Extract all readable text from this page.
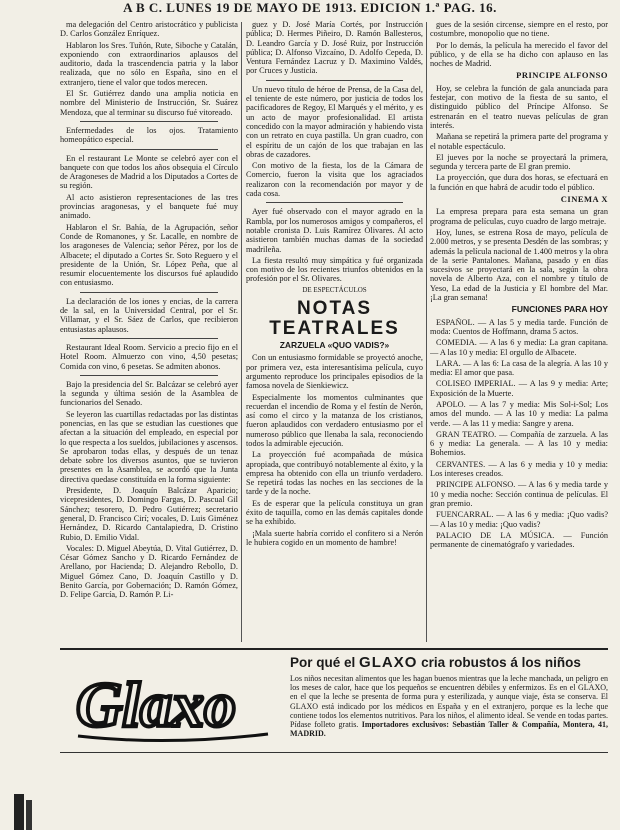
A B C. LUNES 19 DE MAYO DE 1913. EDICION 1.ª PAG. 16.

ma delegación del Centro aristocrático y publicista D. Carlos González Enríquez.

Hablaron los Sres. Tuñón, Rute, Siboche y Catalán, exponiendo con extraordinarios aplausos del auditorio, dada la trascendencia patria y la labor realizada, que no sólo en España, sino en el extranjero, tiene el valor que todos merecen.

El Sr. Gutiérrez dando una amplia noticia en nombre del Ministerio de Instrucción, Sr. Suárez Mendoza, que al terminar su discurso fué vitoreado.

Enfermedades de los ojos. Tratamiento homeopático especial.

En el restaurant Le Monte se celebró ayer con el banquete con que todos los años obsequia el Círculo de Aragoneses de Madrid a los Diputados a Cortes de su región.

Al acto asistieron representaciones de las tres provincias aragonesas, y el banquete fué muy animado.

Hablaron el Sr. Bahía, de la Agrupación, señor Conde de Romanones, y Sr. Lacalle, en nombre de los aragoneses de Valencia; señor Pérez, por los de Albacete; el diputado a Cortes Sr. Soto Reguero y el presidente de la Unión, Sr. López Peña, que al resumir elocuentemente los discursos fué aplaudido con entusiasmo.

La declaración de los iones y encias, de la carrera de la sal, en la Universidad Central, por el Sr. Villamar, y el Sr. Sáez de Carlos, que recibieron entusiastas aplausos.

Restaurant Ideal Room. Servicio a precio fijo en el Hotel Room. Almuerzo con vino, 4,50 pesetas; Comida con vino, 6 pesetas. Se admiten abonos.

Bajo la presidencia del Sr. Balcázar se celebró ayer la segunda y última sesión de la Asamblea de funcionarios del Senado.

Se leyeron las cuartillas redactadas por las distintas ponencias, en las que se estudian las cuestiones que afectan a la situación del empleado, en especial por lo que respecta a los sueldos, jubilaciones y ascensos. Se aprobaron todas ellas, y después de un tenaz debate sobre los diversos asuntos, que se tuvieron presentes en la Asamblea, se acordó que la Junta directiva quedase constituída en la forma siguiente:

Presidente, D. Joaquín Balcázar Aparicio; vicepresidentes, D. Domingo Fargas, D. Pascual Gil Sánchez; tesorero, D. Pedro Gutiérrez; secretario general, D. Francisco Cirí; vocales, D. Luis Giménez Hernández, D. Ricardo Cantalapiedra, D. Cristino Rubio, D. Emilio Vidal.

Vocales: D. Miguel Abeytúa, D. Vital Gutiérrez, D. César Gómez Sancho y D. Ricardo Fernández de Arellano, por Hacienda; D. Alejandro Rebollo, D. Miguel Gómez Cano, D. Joaquín Castillo y D. Benito García, por Gobernación; D. Ramón Gómez, D. Felipe García, D. Ramón P. Li-

guez y D. José María Cortés, por Instrucción pública; D. Hermes Piñeiro, D. Ramón Ballesteros, D. Leandro García y D. José Ruiz, por Instrucción pública; D. Alfonso Vizcaíno, D. Adolfo Cepeda, D. Ventura Fernández Lacruz y D. Maximino Valdés, por Cruces y Justicia.

Un nuevo título de héroe de Prensa, de la Casa del, el teniente de este número, por justicia de todos los pacificadores de Regoy, El Marqués y el mérito, y es un acto de mayor profesionalidad. El artista concedido con la mayor admiración y habiendo vista con un retrato en cuya pastilla. Un gran cuadro, con el espíritu de un cajón de los que trabajan en las obras de cazadores.

Con motivo de la fiesta, los de la Cámara de Comercio, fueron la visita que los agraciados realizaron con la recomendación por mayor y de cada cosa.

Ayer fué observado con el mayor agrado en la Rambla, por los numerosos amigos y compañeros, el notable cronista D. Luis Ramírez Olivares. Al acto asistieron también muchas damas de la sociedad madrileña.

La fiesta resultó muy simpática y fué organizada con motivo de los recientes triunfos obtenidos en la profesión por el Sr. Olivares.

DE ESPECTÁCULOS
NOTAS TEATRALES
ZARZUELA «QUO VADIS?»

Con un entusiasmo formidable se proyectó anoche, por primera vez, esta interesantísima película, cuyo argumento reproduce los principales episodios de la famosa novela de Sienkiewicz.

Especialmente los momentos culminantes que recuerdan el incendio de Roma y el festín de Nerón, así como el circo y la matanza de los cristianos, fueron aplaudidos con verdadero entusiasmo por el numeroso público que llenaba la sala, reconociendo todos la admirable ejecución.

La proyección fué acompañada de música apropiada, que contribuyó notablemente al éxito, y la empresa ha obtenido con ella un triunfo verdadero. Se repetirá todas las noches en las secciones de la tarde y de la noche.

Es de esperar que la película constituya un gran éxito de taquilla, como en las demás capitales donde se ha exhibido.

¡Mala suerte habría corrido el confitero si a Nerón le hubiera cogido en un momento de hambre!

gues de la sesión circense, siempre en el resto, por costumbre, monopolio que no tiene.

Por lo demás, la película ha merecido el favor del público, y de ella se ha dicho con aplauso en las noches de Madrid.

PRINCIPE ALFONSO

Hoy, se celebra la función de gala anunciada para festejar, con motivo de la fiesta de su santo, el distinguido público del Príncipe Alfonso. Se estrenarán en el teatro nuevas películas de gran interés.

Mañana se repetirá la primera parte del programa y el notable espectáculo.

El jueves por la noche se proyectará la primera, segunda y tercera parte de El gran premio.

La proyección, que dura dos horas, se efectuará en la función en que habrá de acudir todo el público.

CINEMA X

La empresa prepara para esta semana un gran programa de películas, cuyo cuadro de largo metraje.

Hoy, lunes, se estrena Rosa de mayo, película de 2.000 metros, y se presenta Desdén de las sombras; y además la película nacional de 1.400 metros y la obra de la serie Pantalones. Mañana, pasado y en días sucesivos se proyectará en la sala, según la obra novela de Alberto Aza, con el nombre y título de Yeso, La edad de la Justicia y El hombre del Mar. ¡La gran semana!

FUNCIONES PARA HOY

ESPAÑOL. — A las 5 y media tarde. Función de moda: Cuentos de Hoffmann, drama 5 actos.

COMEDIA. — A las 6 y media: La gran capitana. — A las 10 y media: El orgullo de Albacete.

LARA. — A las 6: La casa de la alegría. A las 10 y media: El amor que pasa.

COLISEO IMPERIAL. — A las 9 y media: Arte; Exposición de la Muerte.

APOLO. — A las 7 y media: Mis Sol-i-Sol; Los amos del mundo. — A las 10 y media: La palma verde. — A las 11 y media: Sangre y arena.

GRAN TEATRO. — Compañía de zarzuela. A las 6 y media: La generala. — A las 10 y media: Bohemios.

CERVANTES. — A las 6 y media y 10 y media: Los intereses creados.

PRINCIPE ALFONSO. — A las 6 y media tarde y 10 y media noche: Sección continua de películas. El gran premio.

FUENCARRAL. — A las 6 y media: ¡Quo vadis? — A las 10 y media: ¡Quo vadis?

PALACIO DE LA MÚSICA. — Función permanente de cinematógrafo y variedades.

Glaxo
Por qué el GLAXO cria robustos á los niños
Los niños necesitan alimentos que les hagan buenos mientras que la leche manchada, un peligro en los meses de calor, hace que los pequeños se encuentren débiles y enfermizos. Es en el GLAXO, en el que la leche se presenta de forma pura y esterilizada, y aunque viaje, ésta se conserva. El GLAXO está indicado por los médicos en España y en el extranjero, porque es la leche que contiene todos los elementos nutritivos. Para los niños, el alimento ideal. Se vende en todas partes. Pídase folleto gratis. Importadores exclusivos: Sebastián Taller & Compañía, Montera, 41, MADRID.
